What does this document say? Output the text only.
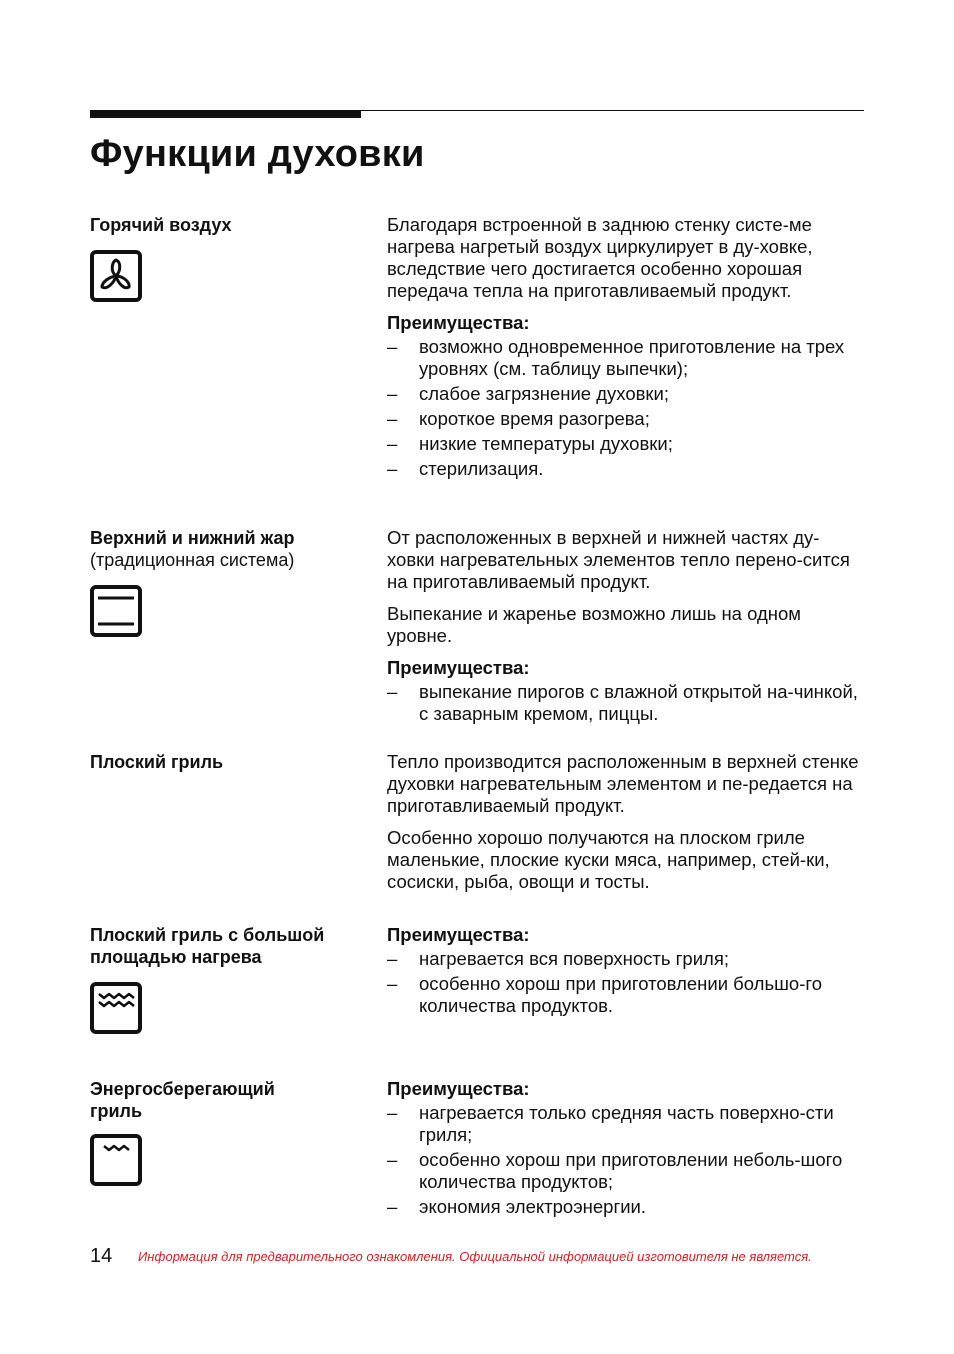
Функции духовки

Горячий воздух	Благодаря встроенной в заднюю стенку систе-ме нагрева нагретый воздух циркулирует в ду-ховке, вследствие чего достигается особенно хорошая передача тепла на приготавливаемый продукт.

Преимущества:

– возможно одновременное приготовление на трех уровнях (см. таблицу выпечки);
– слабое загрязнение духовки;
– короткое время разогрева;
– низкие температуры духовки;
– стерилизация.

Верхний и нижний жар

(традиционная система)

От расположенных в верхней и нижней частях ду-ховки нагревательных элементов тепло перено-сится на приготавливаемый продукт.

Выпекание и жаренье возможно лишь на одном уровне.

Преимущества:

– выпекание пирогов с влажной открытой на-чинкой, с заварным кремом, пиццы.

Плоский гриль	Тепло производится расположенным в верхней стенке духовки нагревательным элементом и пе-редается на приготавливаемый продукт.

Особенно хорошо получаются на плоском гриле маленькие, плоские куски мяса, например, стей-ки, сосиски, рыба, овощи и тосты.

Плоский гриль с большой площадью нагрева

Преимущества:

– нагревается вся поверхность гриля;
– особенно хорош при приготовлении большо-го количества продуктов.

Энергосберегающий гриль

Преимущества:

– нагревается только средняя часть поверхно-сти гриля;
– особенно хорош при приготовлении неболь-шого количества продуктов;
– экономия электроэнергии.
14 Информация для предварительного ознакомления. Официальной информацией изготовителя не является.
